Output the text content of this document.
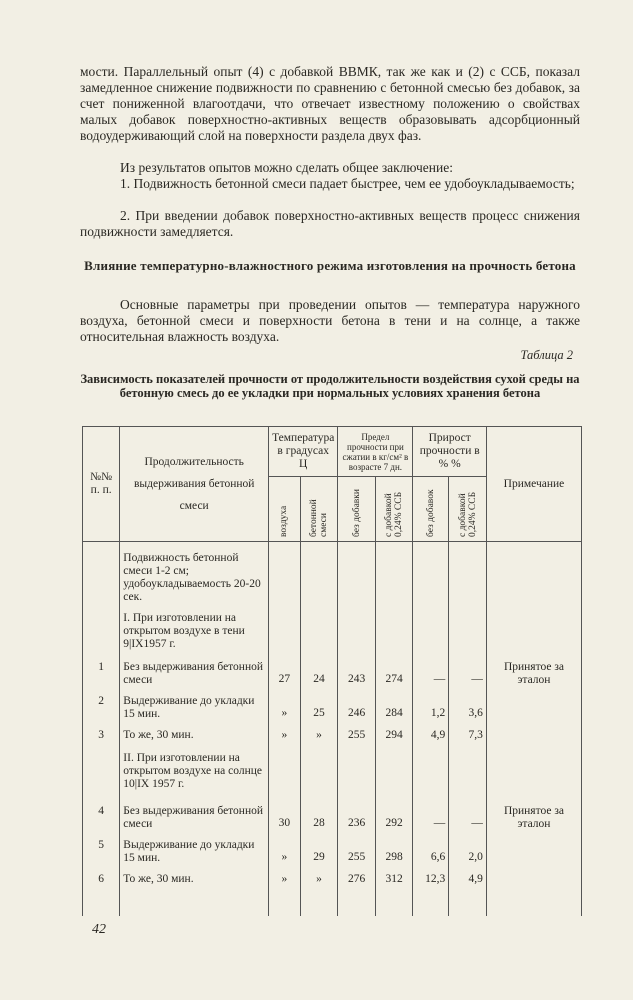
мости. Параллельный опыт (4) с добавкой ВВМК, так же как и (2) с ССБ, показал замедленное снижение подвижности по сравнению с бетонной смесью без добавок, за счет пониженной влагоотдачи, что отвечает известному положению о свойствах малых добавок поверхностно-активных веществ образовывать адсорбционный водоудерживающий слой на поверхности раздела двух фаз.

Из результатов опытов можно сделать общее заключение:

1. Подвижность бетонной смеси падает быстрее, чем ее удобоукладываемость;

2. При введении добавок поверхностно-активных веществ процесс снижения подвижности замедляется.

Влияние температурно-влажностного режима изготовления на прочность бетона

Основные параметры при проведении опытов — температура наружного воздуха, бетонной смеси и поверхности бетона в тени и на солнце, а также относительная влажность воздуха.

Таблица 2

Зависимость показателей прочности от продолжительности воздействия сухой среды на бетонную смесь до ее укладки при нормальных условиях хранения бетона

№№ п. п.	Продолжительность выдерживания бетонной смеси	Температура в градусах Ц		Предел прочности при сжатии в кг/см² в возрасте 7 дн.		Прирост прочности в % %		Примечание
		воздуха	бетонной смеси	без добавки	с добавкой 0,24% ССБ	без добавок	с добавкой 0,24% ССБ	
	Подвижность бетонной смеси 1-2 см; удобоукладываемость 20-20 сек.							
	I. При изготовлении на открытом воздухе в тени 9|IX1957 г.							
1	Без выдерживания бетонной смеси	27	24	243	274	—	—	Принятое за эталон
2	Выдерживание до укладки 15 мин.	»	25	246	284	1,2	3,6	
3	То же, 30 мин.	»	»	255	294	4,9	7,3	
	II. При изготовлении на открытом воздухе на солнце 10|IX 1957 г.							
4	Без выдерживания бетонной смеси	30	28	236	292	—	—	Принятое за эталон
5	Выдерживание до укладки 15 мин.	»	29	255	298	6,6	2,0	
6	То же, 30 мин.	»	»	276	312	12,3	4,9	

42
